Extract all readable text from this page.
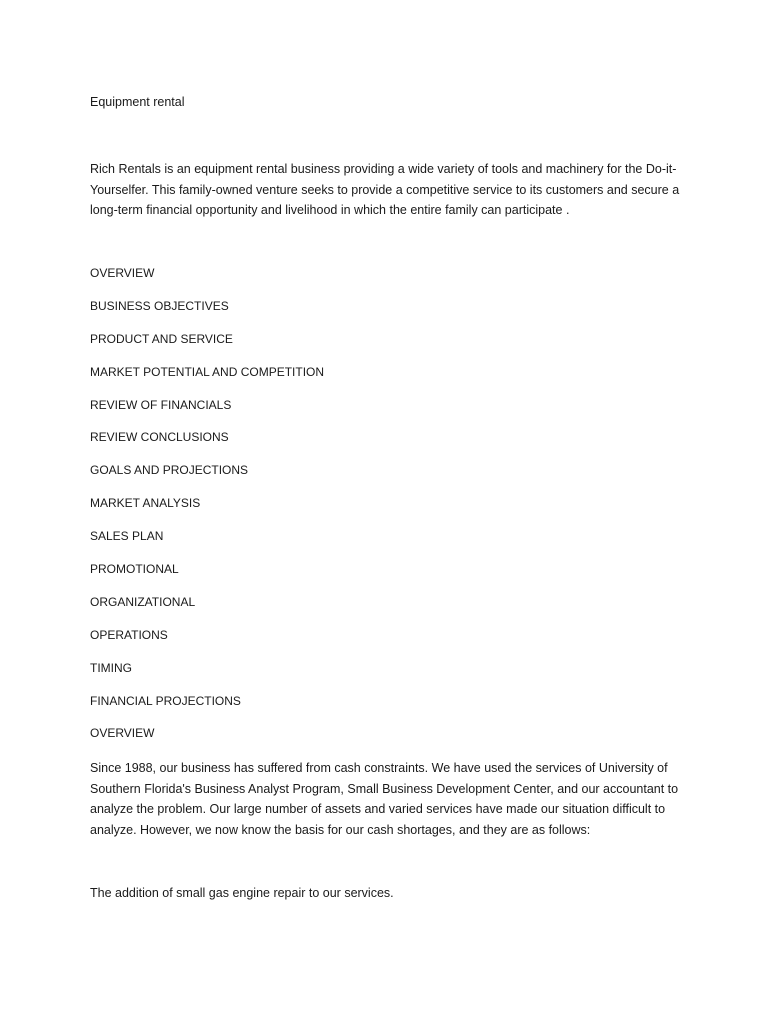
Equipment rental

Rich Rentals is an equipment rental business providing a wide variety of tools and machinery for the Do-it-Yourselfer. This family-owned venture seeks to provide a competitive service to its customers and secure a long-term financial opportunity and livelihood in which the entire family can participate .

OVERVIEW
BUSINESS OBJECTIVES
PRODUCT AND SERVICE
MARKET POTENTIAL AND COMPETITION
REVIEW OF FINANCIALS
REVIEW CONCLUSIONS
GOALS AND PROJECTIONS
MARKET ANALYSIS
SALES PLAN
PROMOTIONAL
ORGANIZATIONAL
OPERATIONS
TIMING
FINANCIAL PROJECTIONS
OVERVIEW

Since 1988, our business has suffered from cash constraints. We have used the services of University of Southern Florida's Business Analyst Program, Small Business Development Center, and our accountant to analyze the problem. Our large number of assets and varied services have made our situation difficult to analyze. However, we now know the basis for our cash shortages, and they are as follows:

The addition of small gas engine repair to our services.
